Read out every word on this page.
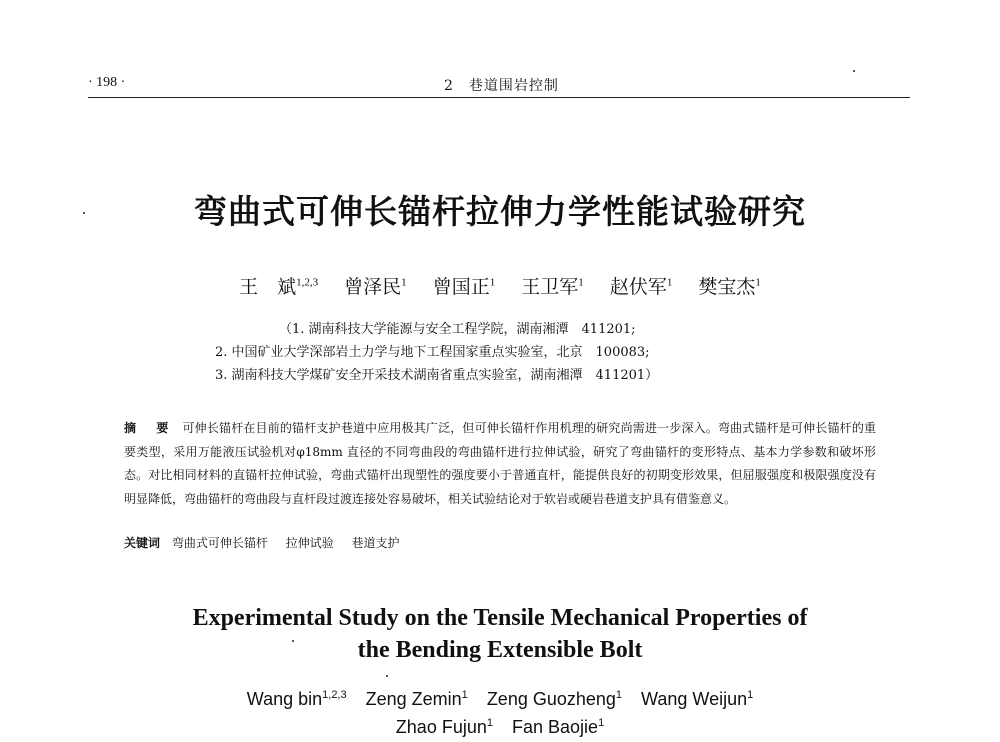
· 198 ·	2　巷道围岩控制
弯曲式可伸长锚杆拉伸力学性能试验研究
王　斌$^{1,2,3}$ 曾泽民$^1$ 曾国正$^1$ 王卫军$^1$ 赵伏军$^1$ 樊宝杰$^1$
（1. 湖南科技大学能源与安全工程学院，湖南湘潭　411201;
2. 中国矿业大学深部岩土力学与地下工程国家重点实验室，北京　100083;
3. 湖南科技大学煤矿安全开采技术湖南省重点实验室，湖南湘潭　411201）
摘　要 可伸长锚杆在目前的锚杆支护巷道中应用极其广泛，但可伸长锚杆作用机理的研究尚需进一步深入。弯曲式锚杆是可伸长锚杆的重要类型，采用万能液压试验机对φ18mm 直径的不同弯曲段的弯曲锚杆进行拉伸试验，研究了弯曲锚杆的变形特点、基本力学参数和破坏形态。对比相同材料的直锚杆拉伸试验，弯曲式锚杆出现塑性的强度要小于普通直杆，能提供良好的初期变形效果，但屈服强度和极限强度没有明显降低，弯曲锚杆的弯曲段与直杆段过渡连接处容易破坏，相关试验结论对于软岩或硬岩巷道支护具有借鉴意义。
关键词 弯曲式可伸长锚杆 拉伸试验 巷道支护
Experimental Study on the Tensile Mechanical Properties of
the Bending Extensible Bolt
Wang bin$^{1,2,3}$ Zeng Zemin$^1$ Zeng Guozheng$^1$ Wang Weijun$^1$
Zhao Fujun$^1$ Fan Baojie$^1$
